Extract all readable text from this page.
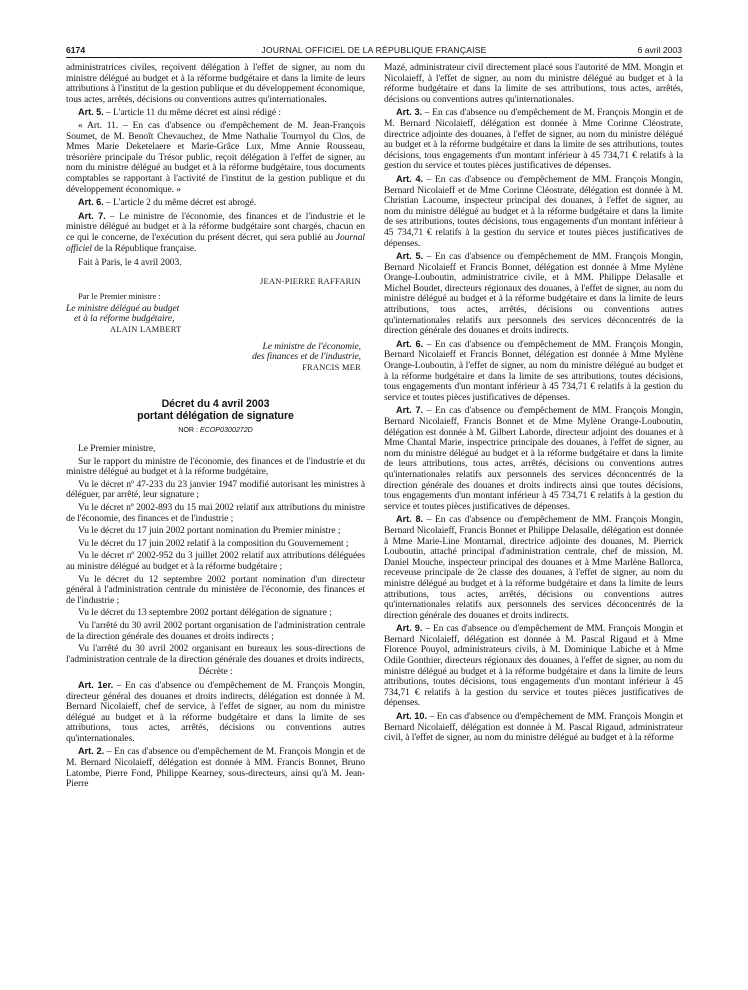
6174	JOURNAL OFFICIEL DE LA RÉPUBLIQUE FRANÇAISE	6 avril 2003

administratrices civiles, reçoivent délégation à l'effet de signer, au nom du ministre délégué au budget et à la réforme budgétaire et dans la limite de leurs attributions à l'institut de la gestion publique et du développement économique, tous actes, arrêtés, décisions ou conventions autres qu'internationales.

Art. 5. – L'article 11 du même décret est ainsi rédigé :

« Art. 11. – En cas d'absence ou d'empêchement de M. Jean-François Soumet, de M. Benoît Chevauchez, de Mme Nathalie Tournyol du Clos, de Mmes Marie Deketelaere et Marie-Grâce Lux, Mme Annie Rousseau, trésorière principale du Trésor public, reçoit délégation à l'effet de signer, au nom du ministre délégué au budget et à la réforme budgétaire, tous documents comptables se rapportant à l'activité de l'institut de la gestion publique et du développement économique. »

Art. 6. – L'article 2 du même décret est abrogé.

Art. 7. – Le ministre de l'économie, des finances et de l'industrie et le ministre délégué au budget et à la réforme budgétaire sont chargés, chacun en ce qui le concerne, de l'exécution du présent décret, qui sera publié au Journal officiel de la République française.

Fait à Paris, le 4 avril 2003.

JEAN-PIERRE RAFFARIN
Par le Premier ministre :
Le ministre délégué au budget
et à la réforme budgétaire,
ALAIN LAMBERT
Le ministre de l'économie,
des finances et de l'industrie,
FRANCIS MER
Décret du 4 avril 2003
portant délégation de signature
NOR : ECOP0300272D

Le Premier ministre,

Sur le rapport du ministre de l'économie, des finances et de l'industrie et du ministre délégué au budget et à la réforme budgétaire,

Vu le décret nº 47-233 du 23 janvier 1947 modifié autorisant les ministres à déléguer, par arrêté, leur signature ;

Vu le décret nº 2002-893 du 15 mai 2002 relatif aux attributions du ministre de l'économie, des finances et de l'industrie ;

Vu le décret du 17 juin 2002 portant nomination du Premier ministre ;

Vu le décret du 17 juin 2002 relatif à la composition du Gouvernement ;

Vu le décret nº 2002-952 du 3 juillet 2002 relatif aux attributions déléguées au ministre délégué au budget et à la réforme budgétaire ;

Vu le décret du 12 septembre 2002 portant nomination d'un directeur général à l'administration centrale du ministère de l'économie, des finances et de l'industrie ;

Vu le décret du 13 septembre 2002 portant délégation de signature ;

Vu l'arrêté du 30 avril 2002 portant organisation de l'administration centrale de la direction générale des douanes et droits indirects ;

Vu l'arrêté du 30 avril 2002 organisant en bureaux les sous-directions de l'administration centrale de la direction générale des douanes et droits indirects,

Décrète :

Art. 1er. – En cas d'absence ou d'empêchement de M. François Mongin, directeur général des douanes et droits indirects, délégation est donnée à M. Bernard Nicolaieff, chef de service, à l'effet de signer, au nom du ministre délégué au budget et à la réforme budgétaire et dans la limite de ses attributions, tous actes, arrêtés, décisions ou conventions autres qu'internationales.

Art. 2. – En cas d'absence ou d'empêchement de M. François Mongin et de M. Bernard Nicolaieff, délégation est donnée à MM. Francis Bonnet, Bruno Latombe, Pierre Fond, Philippe Kearney, sous-directeurs, ainsi qu'à M. Jean-Pierre

Mazé, administrateur civil directement placé sous l'autorité de MM. Mongin et Nicolaieff, à l'effet de signer, au nom du ministre délégué au budget et à la réforme budgétaire et dans la limite de ses attributions, tous actes, arrêtés, décisions ou conventions autres qu'internationales.

Art. 3. – En cas d'absence ou d'empêchement de M. François Mongin et de M. Bernard Nicolaieff, délégation est donnée à Mme Corinne Cléostrate, directrice adjointe des douanes, à l'effet de signer, au nom du ministre délégué au budget et à la réforme budgétaire et dans la limite de ses attributions, toutes décisions, tous engagements d'un montant inférieur à 45 734,71 € relatifs à la gestion du service et toutes pièces justificatives de dépenses.

Art. 4. – En cas d'absence ou d'empêchement de MM. François Mongin, Bernard Nicolaieff et de Mme Corinne Cléostrate, délégation est donnée à M. Christian Lacoume, inspecteur principal des douanes, à l'effet de signer, au nom du ministre délégué au budget et à la réforme budgétaire et dans la limite de ses attributions, toutes décisions, tous engagements d'un montant inférieur à 45 734,71 € relatifs à la gestion du service et toutes pièces justificatives de dépenses.

Art. 5. – En cas d'absence ou d'empêchement de MM. François Mongin, Bernard Nicolaieff et Francis Bonnet, délégation est donnée à Mme Mylène Orange-Louboutin, administratrice civile, et à MM. Philippe Delasalle et Michel Boudet, directeurs régionaux des douanes, à l'effet de signer, au nom du ministre délégué au budget et à la réforme budgétaire et dans la limite de leurs attributions, tous actes, arrêtés, décisions ou conventions autres qu'internationales relatifs aux personnels des services déconcentrés de la direction générale des douanes et droits indirects.

Art. 6. – En cas d'absence ou d'empêchement de MM. François Mongin, Bernard Nicolaieff et Francis Bonnet, délégation est donnée à Mme Mylène Orange-Louboutin, à l'effet de signer, au nom du ministre délégué au budget et à la réforme budgétaire et dans la limite de ses attributions, toutes décisions, tous engagements d'un montant inférieur à 45 734,71 € relatifs à la gestion du service et toutes pièces justificatives de dépenses.

Art. 7. – En cas d'absence ou d'empêchement de MM. François Mongin, Bernard Nicolaieff, Francis Bonnet et de Mme Mylène Orange-Louboutin, délégation est donnée à M. Gilbert Laborde, directeur adjoint des douanes et à Mme Chantal Marie, inspectrice principale des douanes, à l'effet de signer, au nom du ministre délégué au budget et à la réforme budgétaire et dans la limite de leurs attributions, tous actes, arrêtés, décisions ou conventions autres qu'internationales relatifs aux personnels des services déconcentrés de la direction générale des douanes et droits indirects ainsi que toutes décisions, tous engagements d'un montant inférieur à 45 734,71 € relatifs à la gestion du service et toutes pièces justificatives de dépenses.

Art. 8. – En cas d'absence ou d'empêchement de MM. François Mongin, Bernard Nicolaieff, Francis Bonnet et Philippe Delasalle, délégation est donnée à Mme Marie-Line Montarnal, directrice adjointe des douanes, M. Pierrick Louboutin, attaché principal d'administration centrale, chef de mission, M. Daniel Mouche, inspecteur principal des douanes et à Mme Marlène Ballorca, receveuse principale de 2e classe des douanes, à l'effet de signer, au nom du ministre délégué au budget et à la réforme budgétaire et dans la limite de leurs attributions, tous actes, arrêtés, décisions ou conventions autres qu'internationales relatifs aux personnels des services déconcentrés de la direction générale des douanes et droits indirects.

Art. 9. – En cas d'absence ou d'empêchement de MM. François Mongin et Bernard Nicolaieff, délégation est donnée à M. Pascal Rigaud et à Mme Florence Pouyol, administrateurs civils, à M. Dominique Labiche et à Mme Odile Gonthier, directeurs régionaux des douanes, à l'effet de signer, au nom du ministre délégué au budget et à la réforme budgétaire et dans la limite de leurs attributions, toutes décisions, tous engagements d'un montant inférieur à 45 734,71 € relatifs à la gestion du service et toutes pièces justificatives de dépenses.

Art. 10. – En cas d'absence ou d'empêchement de MM. François Mongin et Bernard Nicolaieff, délégation est donnée à M. Pascal Rigaud, administrateur civil, à l'effet de signer, au nom du ministre délégué au budget et à la réforme
